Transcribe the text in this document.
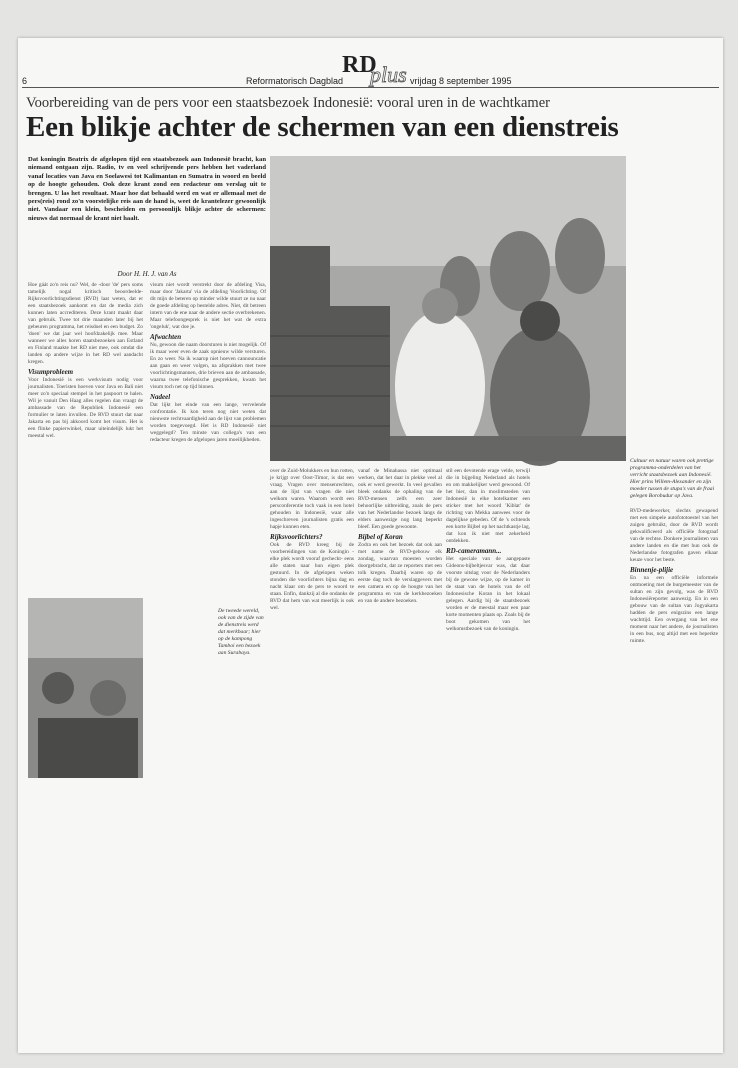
6	Reformatorisch Dagblad
RD
plus vrijdag 8 september 1995
Voorbereiding van de pers voor een staatsbezoek Indonesië: vooral uren in de wachtkamer
Een blikje achter de schermen van een dienstreis
Dat koningin Beatrix de afgelopen tijd een staatsbezoek aan Indonesië bracht, kan niemand ontgaan zijn. Radio, tv en veel schrijvende pers hebben het vaderland vanaf locaties van Java en Soelawesi tot Kalimantan en Sumatra in woord en beeld op de hoogte gehouden. Ook deze krant zond een redacteur om verslag uit te brengen. U las het resultaat. Maar hoe dat behaald werd en wat er allemaal met de pers(reis) rond zo'n voorstelijke reis aan de hand is, weet de krantelezer gewoonlijk niet. Vandaar een klein, bescheiden en persoonlijk blikje achter de schermen: nieuws dat normaal de krant niet haalt.
Door H. H. J. van As

Hoe gáát zo'n reis nu? Wel, de -door 'de' pers soms tamelijk nogal kritisch beoordeelde- Rijksvoorlichtingsdienst (RVD) laat weten, dat er een staatsbezoek aankomt en dat de media zich kunnen laten accrediteren. Deze krant maakt daar van gebruik. Twee tot drie maanden later bij het gebeuren programma, het reisdoel en een budget. Zo 'doen' we dat jaar wel hoofdzakelijk mee. Maar wanneer we alles horen staatsbezoeken aan Estland en Finland maakte het RD niet mee, ook omdat die landen op andere wijze in het RD wel aandacht kregen.

Visumprobleem

Voor Indonesië is een werkvisum nodig voor journalisten. Toeristen hoeven voor Java en Bali niet meer zo'n speciaal stempel in het paspoort te halen. Wil je vanuit Den Haag alles regelen dan vraagt de ambassade van de Republiek Indonesië een formulier te laten invullen. De RVD stuurt dat naar Jakarta en pas bij akkoord komt het visum. Het is een flinke papierwinkel, maar uiteindelijk lukt het meestal wel.

visum niet wordt verstrekt door de afdeling Visa, maar door 'Jakarta' via de afdeling Voorlichting. Of dit mijn de beteren op minder wilde stuurt ze nu naar de goede afdeling op bestelde adres. Niet, dit betreen intern van de ene naar de andere sectie overbrekenen. Maar telefoongesprek is niet het wat de extra 'ongeluk', wat doe je.

Afwachten

Nu, gewoon die naam doorsturen is niet mogelijk. Of ik maar weer even de zaak opnieuw wilde versturen. En zo weer. Na ik waarop niet hoeven cannouncatie aan gaan en weer volgen, na afsprakken met twee voorlichtingsmannen, drie brieven aan de ambassade, waarna twee telefonische gesprekken, kwam het visum toch net op tijd binnen.

Nadeel

Dat lijkt het einde van een lange, vervelende confrontatie. Ik kon teren nog niet weten dat nieuwste rechtvaardigheid aan de lijst van problemen worden toegevoegd. Het is RD Indonesië niet weggelegd? Ten minste van collega's van een redacteur kregen de afgelopen jaren moeilijkheden.

Cultuur en natuur waren ook prettige programma-onderdelen van het verricht staatsbezoek aan Indonesië. Hier prins Willem-Alexander en zijn moeder tussen de stupa's van de fraai gelegen Borobudur op Java.

over de Zuid-Molukkers en hun rotten, je krijgt over Oost-Timor, is dat een vraag. Vragen over mensenrechten, aan de lijst van vragen die niet welkom waren. Waarom wordt een persconferentie toch vaak in een hotel gehouden in Indonesië, waar alle ingeschreven journalisten gratis een hapje kunnen eten.

Rijksvoorlichters?

Ook de RVD kreeg bij de voorbereidingen van de Koningin -elke plek wordt vooraf gecheckt- eens alle staten naar hun eigen plek gestuurd. In de afgelopen weken stonden die voorlichters bijna dag en nacht klaar om de pers te woord te staan. Enfin, dankzij al die ondanks de RVD dat hem van wat meerlijk is ook wel.

vanaf de Minahassa niet optimaal werken, dat het daar in plekke veel al ook er werd gewerkt. In veel gevallen bleek ondanks de ophaling van de RVD-mensen zelfs een zeer behoorlijke uitbreiding, zoals de pers van het Nederlandse bezoek langs de elders aanwezige nog lang beperkt bleef. Een goede gewoonte.

Bijbel of Koran

Zodra en ook het bezoek dat ook aan met name de RVD-gebouw elk zondag, waarvan moesten worden doorgebracht, dat ze reporters met een tolk kregen. Daarbij waren op de eerste dag toch de verslaggevers met een camera en op de hoogte van het programma en van de kerkbezoeken en van de andere bezoeken.

stil een devotende erage velde, terwijl die in bijgeling Nederland als hotels en om makkelijker werd gewoond. Of het hier, dan in moslimsteden van Indonesië is elke hotelkamer een sticker met het woord 'Kiblat' de richting van Mekka aanwees voor de dagelijkse gebeden. Of de 's ochtends een korte Bijbel op het nachtkastje lag, dat kon ik niet met zekerheid ontdekken.

RD-cameramann...

Het speciale van de aangepaste Gideons-bijbeltjesvar was, dat daar voorste uitslag voor de Nederlanders bij de gewone wijze, op de kamer in de staat van de hotels van de elf Indonesische Koran in het lokaal gelegen. Aardig bij de staatsbezoek worden er de meestal maar een paar korte momenten plaats op. Zoals bij de boot gekomen van het welkomstbezoek van de koningin.

RVD-medewerker, slechts gewapend met een simpele autofototoestel van het zuigen gebruikt, door de RVD wordt gekwalificeerd als officiële fotograaf van de rechtse. Donkere journalisten van andere landen en die met hun ook de Nederlandse fotografen gaven elkaar keuze voor het beste.

Binnenje-plijie

En na een officiële informele ontmoeting met de burgemeester van de sultan en zijn gevolg, was de RVD Indonesiëreporter aanwezig. En in een gebouw van de sultan van Jogyakarta hadden de pers enigszins een lange wachttijd. Een overgang van het ene moment naar het andere, de journalisten in een bus, nog altijd met een beperkte ruimte.

De tweede wereld, ook van de zijde van de dienstreis werd dat merkbaar; hier op de kampong Tamboi een bezoek aan Surabaya.
